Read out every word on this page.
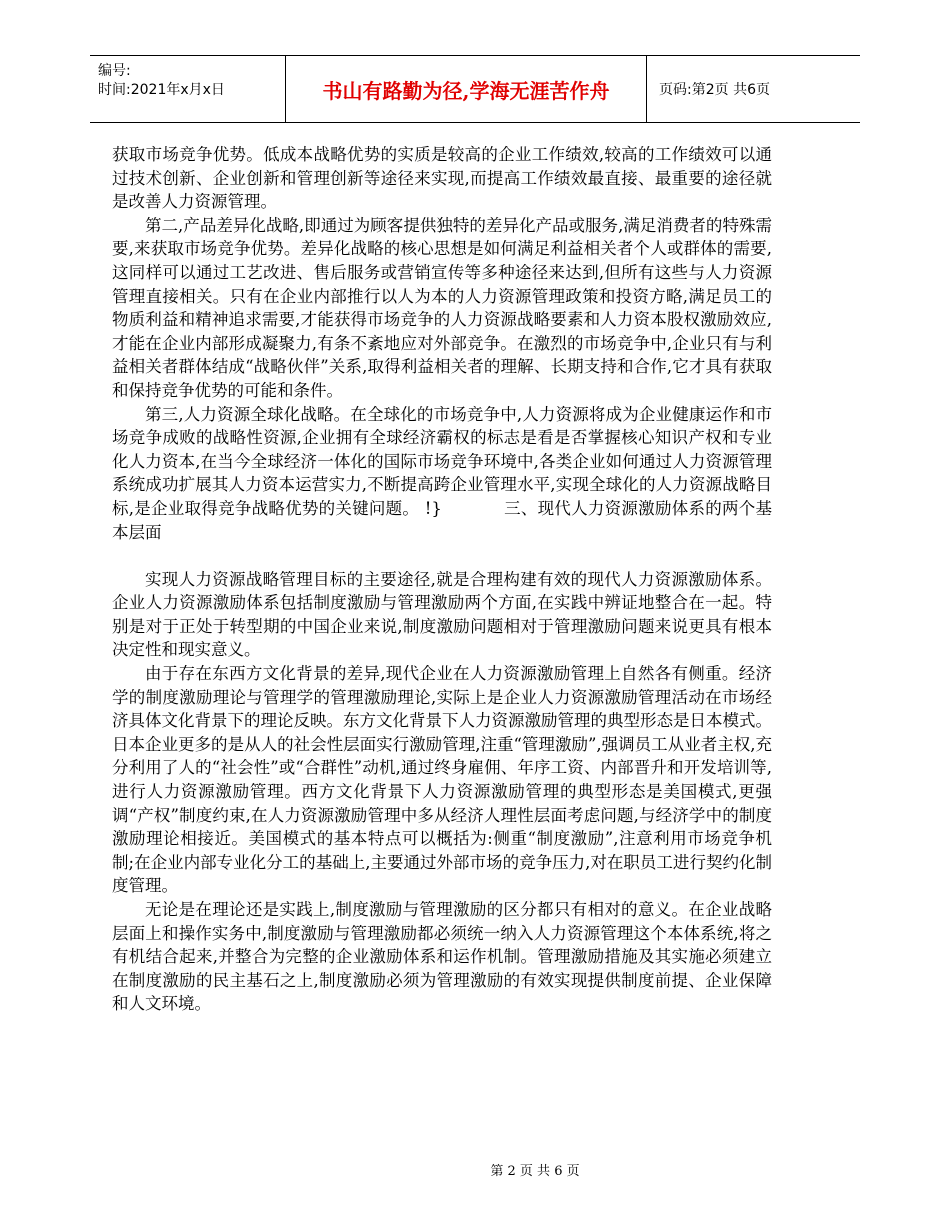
编号:
时间:2021年x月x日	书山有路勤为径,学海无涯苦作舟	页码:第2页 共6页

获取市场竞争优势。低成本战略优势的实质是较高的企业工作绩效,较高的工作绩效可以通过技术创新、企业创新和管理创新等途径来实现,而提高工作绩效最直接、最重要的途径就是改善人力资源管理。

第二,产品差异化战略,即通过为顾客提供独特的差异化产品或服务,满足消费者的特殊需要,来获取市场竞争优势。差异化战略的核心思想是如何满足利益相关者个人或群体的需要,这同样可以通过工艺改进、售后服务或营销宣传等多种途径来达到,但所有这些与人力资源管理直接相关。只有在企业内部推行以人为本的人力资源管理政策和投资方略,满足员工的物质利益和精神追求需要,才能获得市场竞争的人力资源战略要素和人力资本股权激励效应,才能在企业内部形成凝聚力,有条不紊地应对外部竞争。在激烈的市场竞争中,企业只有与利益相关者群体结成“战略伙伴”关系,取得利益相关者的理解、长期支持和合作,它才具有获取和保持竞争优势的可能和条件。

第三,人力资源全球化战略。在全球化的市场竞争中,人力资源将成为企业健康运作和市场竞争成败的战略性资源,企业拥有全球经济霸权的标志是看是否掌握核心知识产权和专业化人力资本,在当今全球经济一体化的国际市场竞争环境中,各类企业如何通过人力资源管理系统成功扩展其人力资本运营实力,不断提高跨企业管理水平,实现全球化的人力资源战略目标,是企业取得竞争战略优势的关键问题。 !}	三、现代人力资源激励体系的两个基本层面

实现人力资源战略管理目标的主要途径,就是合理构建有效的现代人力资源激励体系。企业人力资源激励体系包括制度激励与管理激励两个方面,在实践中辨证地整合在一起。特别是对于正处于转型期的中国企业来说,制度激励问题相对于管理激励问题来说更具有根本决定性和现实意义。

由于存在东西方文化背景的差异,现代企业在人力资源激励管理上自然各有侧重。经济学的制度激励理论与管理学的管理激励理论,实际上是企业人力资源激励管理活动在市场经济具体文化背景下的理论反映。东方文化背景下人力资源激励管理的典型形态是日本模式。日本企业更多的是从人的社会性层面实行激励管理,注重“管理激励”,强调员工从业者主权,充分利用了人的“社会性”或“合群性”动机,通过终身雇佣、年序工资、内部晋升和开发培训等,进行人力资源激励管理。西方文化背景下人力资源激励管理的典型形态是美国模式,更强调“产权”制度约束,在人力资源激励管理中多从经济人理性层面考虑问题,与经济学中的制度激励理论相接近。美国模式的基本特点可以概括为:侧重“制度激励”,注意利用市场竞争机制;在企业内部专业化分工的基础上,主要通过外部市场的竞争压力,对在职员工进行契约化制度管理。

无论是在理论还是实践上,制度激励与管理激励的区分都只有相对的意义。在企业战略层面上和操作实务中,制度激励与管理激励都必须统一纳入人力资源管理这个本体系统,将之有机结合起来,并整合为完整的企业激励体系和运作机制。管理激励措施及其实施必须建立在制度激励的民主基石之上,制度激励必须为管理激励的有效实现提供制度前提、企业保障和人文环境。

第 2 页 共 6 页
